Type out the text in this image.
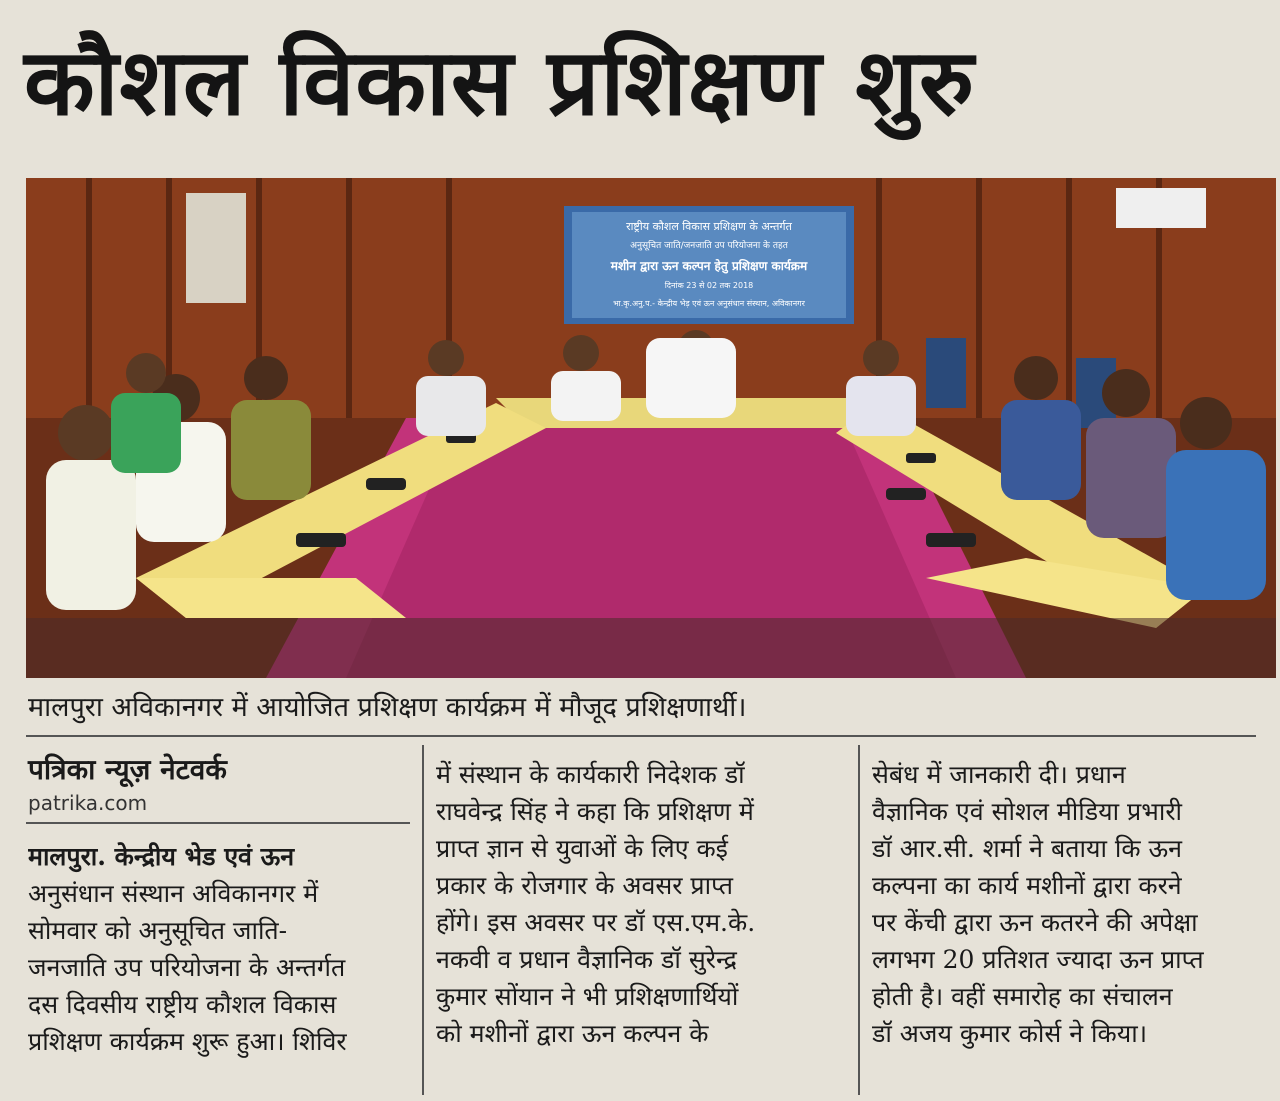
कौशल विकास प्रशिक्षण शुरु
राष्ट्रीय कौशल विकास प्रशिक्षण के अन्तर्गत
अनुसूचित जाति/जनजाति उप परियोजना के तहत
मशीन द्वारा ऊन कल्पन हेतु प्रशिक्षण कार्यक्रम
दिनांक 23 से 02 तक 2018
भा.कृ.अनु.प.- केन्द्रीय भेड़ एवं ऊन अनुसंधान संस्थान, अविकानगर
मालपुरा अविकानगर में आयोजित प्रशिक्षण कार्यक्रम में मौजूद प्रशिक्षणार्थी।
पत्रिका न्यूज़ नेटवर्क
patrika.com
मालपुरा. केन्द्रीय भेड एवं ऊन
अनुसंधान संस्थान अविकानगर में
सोमवार को अनुसूचित जाति-
जनजाति उप परियोजना के अन्तर्गत
दस दिवसीय राष्ट्रीय कौशल विकास
प्रशिक्षण कार्यक्रम शुरू हुआ। शिविर
में संस्थान के कार्यकारी निदेशक डॉ
राघवेन्द्र सिंह ने कहा कि प्रशिक्षण में
प्राप्त ज्ञान से युवाओं के लिए कई
प्रकार के रोजगार के अवसर प्राप्त
होंगे। इस अवसर पर डॉ एस.एम.के.
नकवी व प्रधान वैज्ञानिक डॉ सुरेन्द्र
कुमार सोंयान ने भी प्रशिक्षणार्थियों
को मशीनों द्वारा ऊन कल्पन के
सेबंध में जानकारी दी। प्रधान
वैज्ञानिक एवं सोशल मीडिया प्रभारी
डॉ आर.सी. शर्मा ने बताया कि ऊन
कल्पना का कार्य मशीनों द्वारा करने
पर केंची द्वारा ऊन कतरने की अपेक्षा
लगभग 20 प्रतिशत ज्यादा ऊन प्राप्त
होती है। वहीं समारोह का संचालन
डॉ अजय कुमार कोर्स ने किया।
